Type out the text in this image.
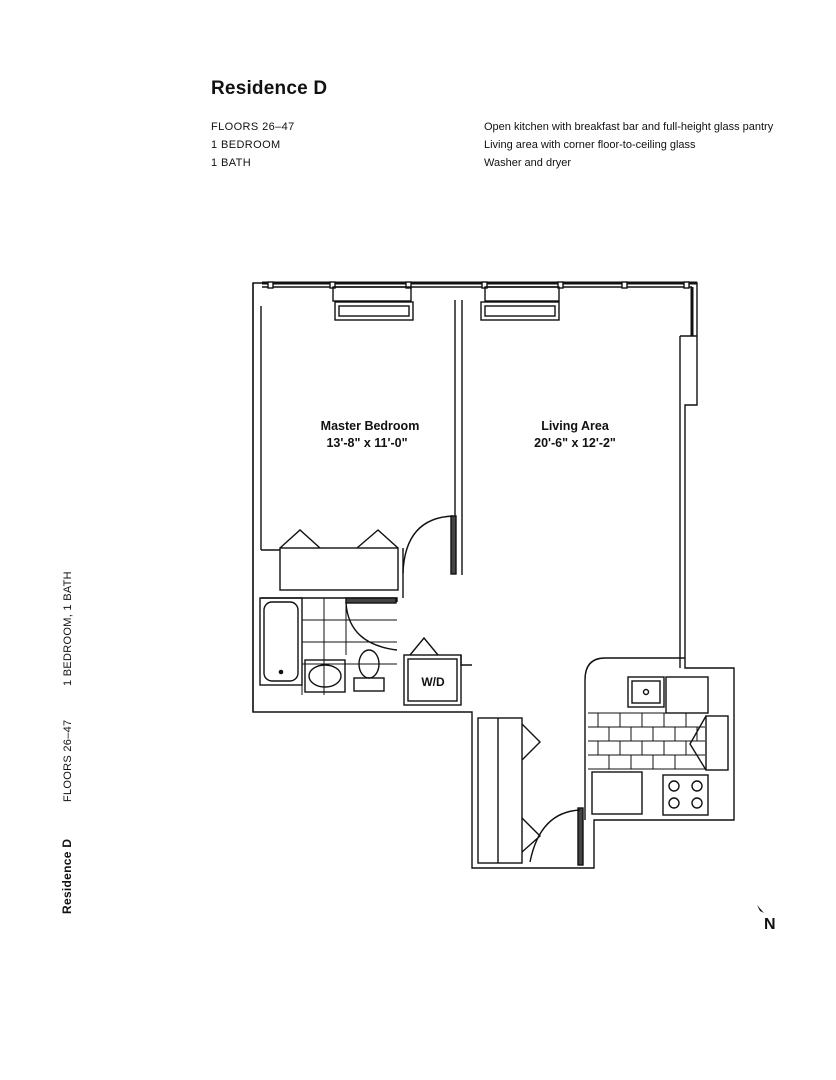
Residence D
FLOORS 26–47
1 BEDROOM
1 BATH
Open kitchen with breakfast bar and full-height glass pantry
Living area with corner floor-to-ceiling glass
Washer and dryer
Residence D
FLOORS 26–47
1 BEDROOM, 1 BATH
Master Bedroom
13'-8" x 11'-0"
Living Area
20'-6" x 12'-2"
W/D
N
